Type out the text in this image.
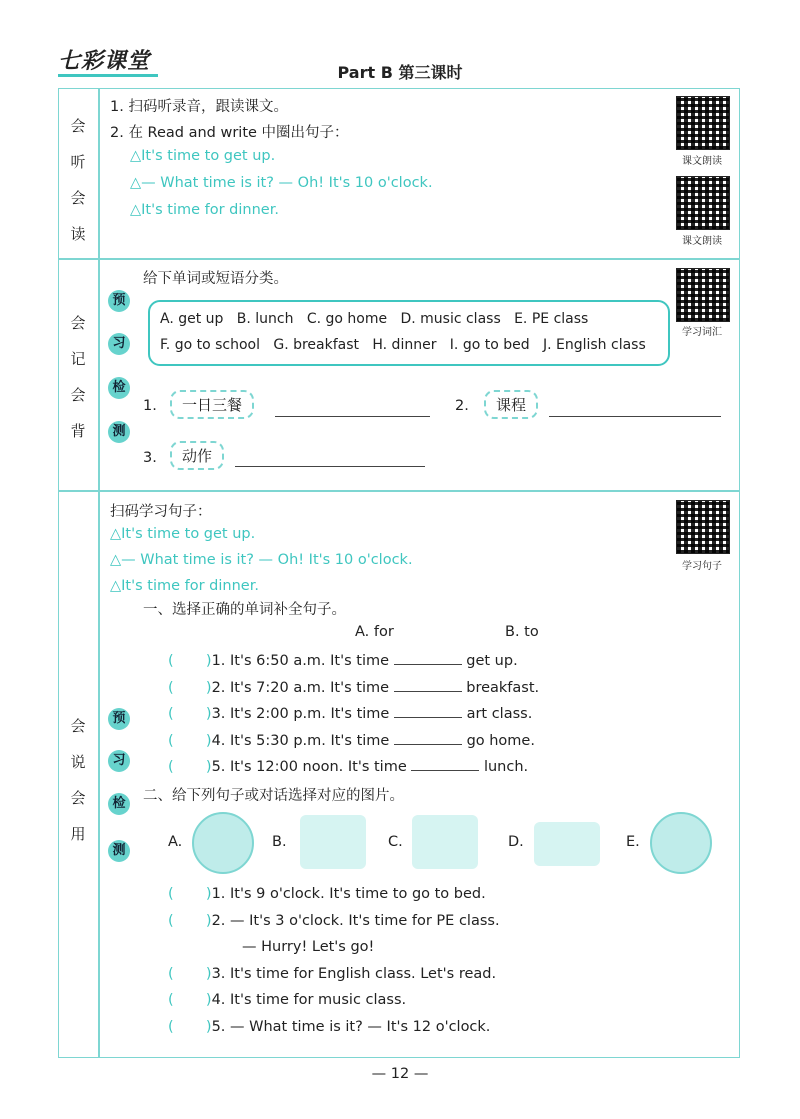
七彩课堂	Part B 第三课时
会
听
会
读
1. 扫码听录音，跟读课文。
2. 在 Read and write 中圈出句子：
△It's time to get up.
△— What time is it? — Oh! It's 10 o'clock.
△It's time for dinner.
课文朗读
课文朗读
会
记
会
背
预
习
检
测
给下单词或短语分类。
学习词汇
A. get up   B. lunch   C. go home   D. music class   E. PE class
F. go to school   G. breakfast   H. dinner   I. go to bed   J. English class
1.	一日三餐	2.	课程
3.	动作
会
说
会
用
预
习
检
测
扫码学习句子：
学习句子
△It's time to get up.
△— What time is it? — Oh! It's 10 o'clock.
△It's time for dinner.
一、选择正确的单词补全句子。
A. for	B. to
(       )1. It's 6:50 a.m. It's time	get up.
(       )2. It's 7:20 a.m. It's time	breakfast.
(       )3. It's 2:00 p.m. It's time	art class.
(       )4. It's 5:30 p.m. It's time	go home.
(       )5. It's 12:00 noon. It's time	lunch.
二、给下列句子或对话选择对应的图片。
A.	B.	C.	D.	E.
(       )1. It's 9 o'clock. It's time to go to bed.
(       )2. — It's 3 o'clock. It's time for PE class.
— Hurry! Let's go!
(       )3. It's time for English class. Let's read.
(       )4. It's time for music class.
(       )5. — What time is it? — It's 12 o'clock.
— 12 —
